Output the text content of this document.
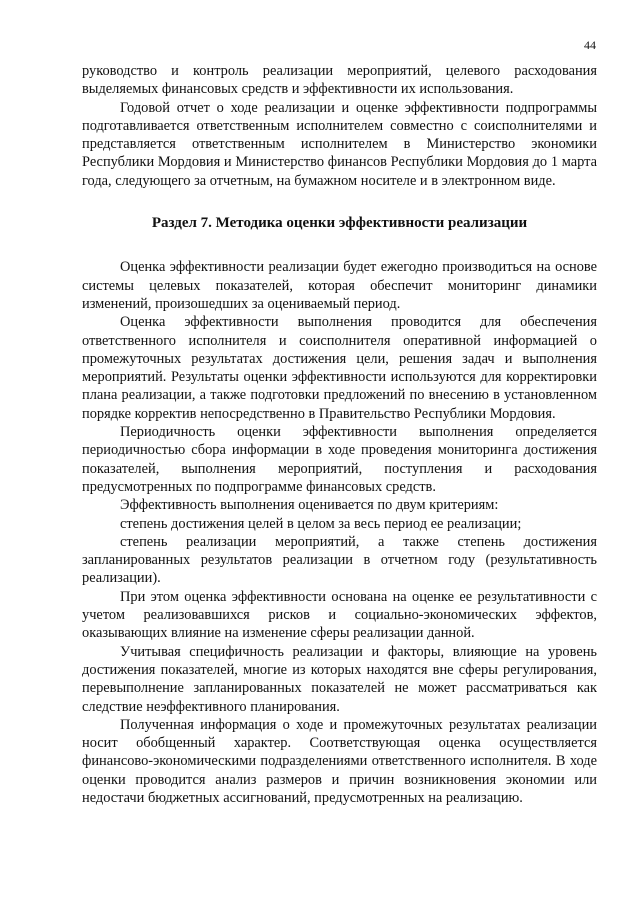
44

руководство и контроль реализации мероприятий, целевого расходования выделяемых финансовых средств и эффективности их использования.

Годовой отчет о ходе реализации и оценке эффективности подпрограммы подготавливается ответственным исполнителем совместно с соисполнителями и представляется ответственным исполнителем в Министерство экономики Республики Мордовия и Министерство финансов Республики Мордовия до 1 марта года, следующего за отчетным, на бумажном носителе и в электронном виде.

Раздел 7. Методика оценки эффективности реализации

Оценка эффективности реализации будет ежегодно производиться на основе системы целевых показателей, которая обеспечит мониторинг динамики изменений, произошедших за оцениваемый период.

Оценка эффективности выполнения проводится для обеспечения ответственного исполнителя и соисполнителя оперативной информацией о промежуточных результатах достижения цели, решения задач и выполнения мероприятий. Результаты оценки эффективности используются для корректировки плана реализации, а также подготовки предложений по внесению в установленном порядке корректив непосредственно в Правительство Республики Мордовия.

Периодичность оценки эффективности выполнения определяется периодичностью сбора информации в ходе проведения мониторинга достижения показателей, выполнения мероприятий, поступления и расходования предусмотренных по подпрограмме финансовых средств.

Эффективность выполнения оценивается по двум критериям:

степень достижения целей в целом за весь период ее реализации;

степень реализации мероприятий, а также степень достижения запланированных результатов реализации в отчетном году (результативность реализации).

При этом оценка эффективности основана на оценке ее результативности с учетом реализовавшихся рисков и социально-экономических эффектов, оказывающих влияние на изменение сферы реализации данной.

Учитывая специфичность реализации и факторы, влияющие на уровень достижения показателей, многие из которых находятся вне сферы регулирования, перевыполнение запланированных показателей не может рассматриваться как следствие неэффективного планирования.

Полученная информация о ходе и промежуточных результатах реализации носит обобщенный характер. Соответствующая оценка осуществляется финансово-экономическими подразделениями ответственного исполнителя. В ходе оценки проводится анализ размеров и причин возникновения экономии или недостачи бюджетных ассигнований, предусмотренных на реализацию.
